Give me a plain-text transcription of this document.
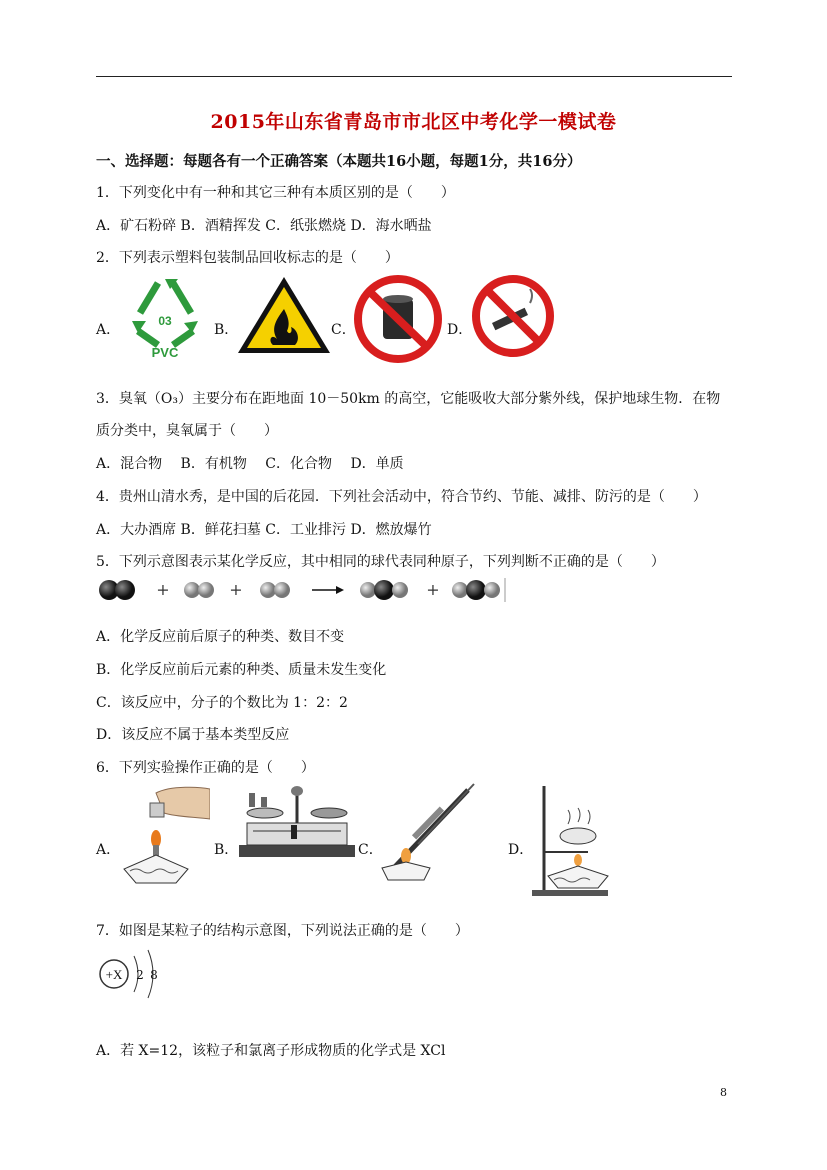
2015年山东省青岛市市北区中考化学一模试卷
一、选择题：每题各有一个正确答案（本题共16小题，每题1分，共16分）
1．下列变化中有一种和其它三种有本质区别的是（　　）
A．矿石粉碎 B．酒精挥发 C．纸张燃烧 D．海水晒盐
2．下列表示塑料包装制品回收标志的是（　　）
A．
03
PVC
B．	C．	D．
3．臭氧（O₃）主要分布在距地面 10－50km 的高空，它能吸收大部分紫外线，保护地球生物．在物
质分类中，臭氧属于（　　）
A．混合物　 B．有机物　 C．化合物　 D．单质
4．贵州山清水秀，是中国的后花园．下列社会活动中，符合节约、节能、减排、防污的是（　　）
A．大办酒席 B．鲜花扫墓 C．工业排污 D．燃放爆竹
5．下列示意图表示某化学反应，其中相同的球代表同种原子，下列判断不正确的是（　　）
+	+	+
A．化学反应前后原子的种类、数目不变
B．化学反应前后元素的种类、质量未发生变化
C．该反应中，分子的个数比为 1：2：2
D．该反应不属于基本类型反应
6．下列实验操作正确的是（　　）
A．	B．	C．	D．
7．如图是某粒子的结构示意图，下列说法正确的是（　　）
+X 2 8
A．若 X=12，该粒子和氯离子形成物质的化学式是 XCl
8
